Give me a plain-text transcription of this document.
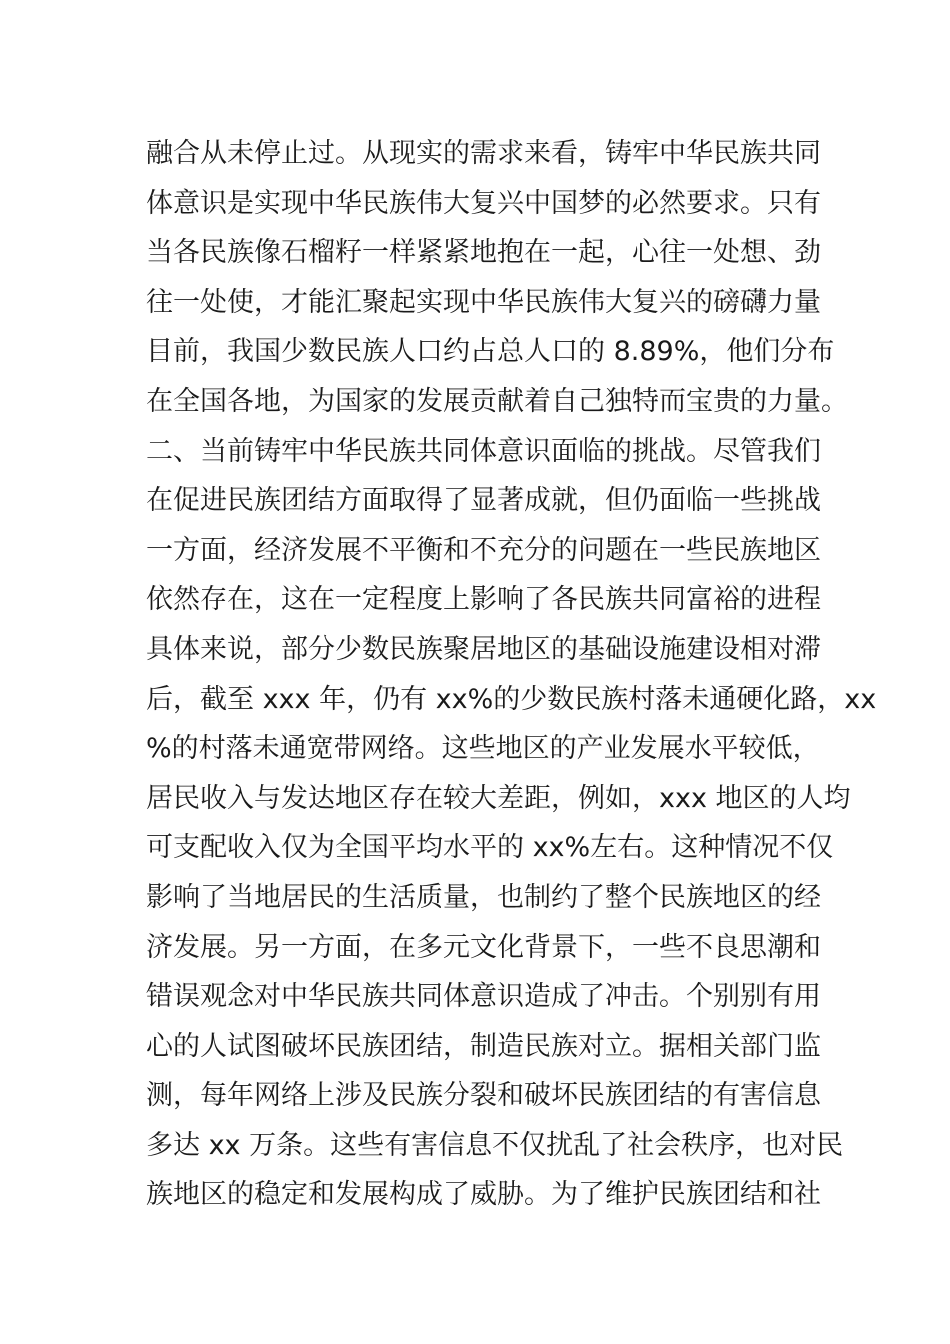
融合从未停止过。从现实的需求来看，铸牢中华民族共同
体意识是实现中华民族伟大复兴中国梦的必然要求。只有
当各民族像石榴籽一样紧紧地抱在一起，心往一处想、劲
往一处使，才能汇聚起实现中华民族伟大复兴的磅礴力量
目前，我国少数民族人口约占总人口的 8.89%，他们分布
在全国各地，为国家的发展贡献着自己独特而宝贵的力量。
二、当前铸牢中华民族共同体意识面临的挑战。尽管我们
在促进民族团结方面取得了显著成就，但仍面临一些挑战
一方面，经济发展不平衡和不充分的问题在一些民族地区
依然存在，这在一定程度上影响了各民族共同富裕的进程
具体来说，部分少数民族聚居地区的基础设施建设相对滞
后，截至 xxx 年，仍有 xx%的少数民族村落未通硬化路，xx
%的村落未通宽带网络。这些地区的产业发展水平较低，
居民收入与发达地区存在较大差距，例如，xxx 地区的人均
可支配收入仅为全国平均水平的 xx%左右。这种情况不仅
影响了当地居民的生活质量，也制约了整个民族地区的经
济发展。另一方面，在多元文化背景下，一些不良思潮和
错误观念对中华民族共同体意识造成了冲击。个别别有用
心的人试图破坏民族团结，制造民族对立。据相关部门监
测，每年网络上涉及民族分裂和破坏民族团结的有害信息
多达 xx 万条。这些有害信息不仅扰乱了社会秩序，也对民
族地区的稳定和发展构成了威胁。为了维护民族团结和社
